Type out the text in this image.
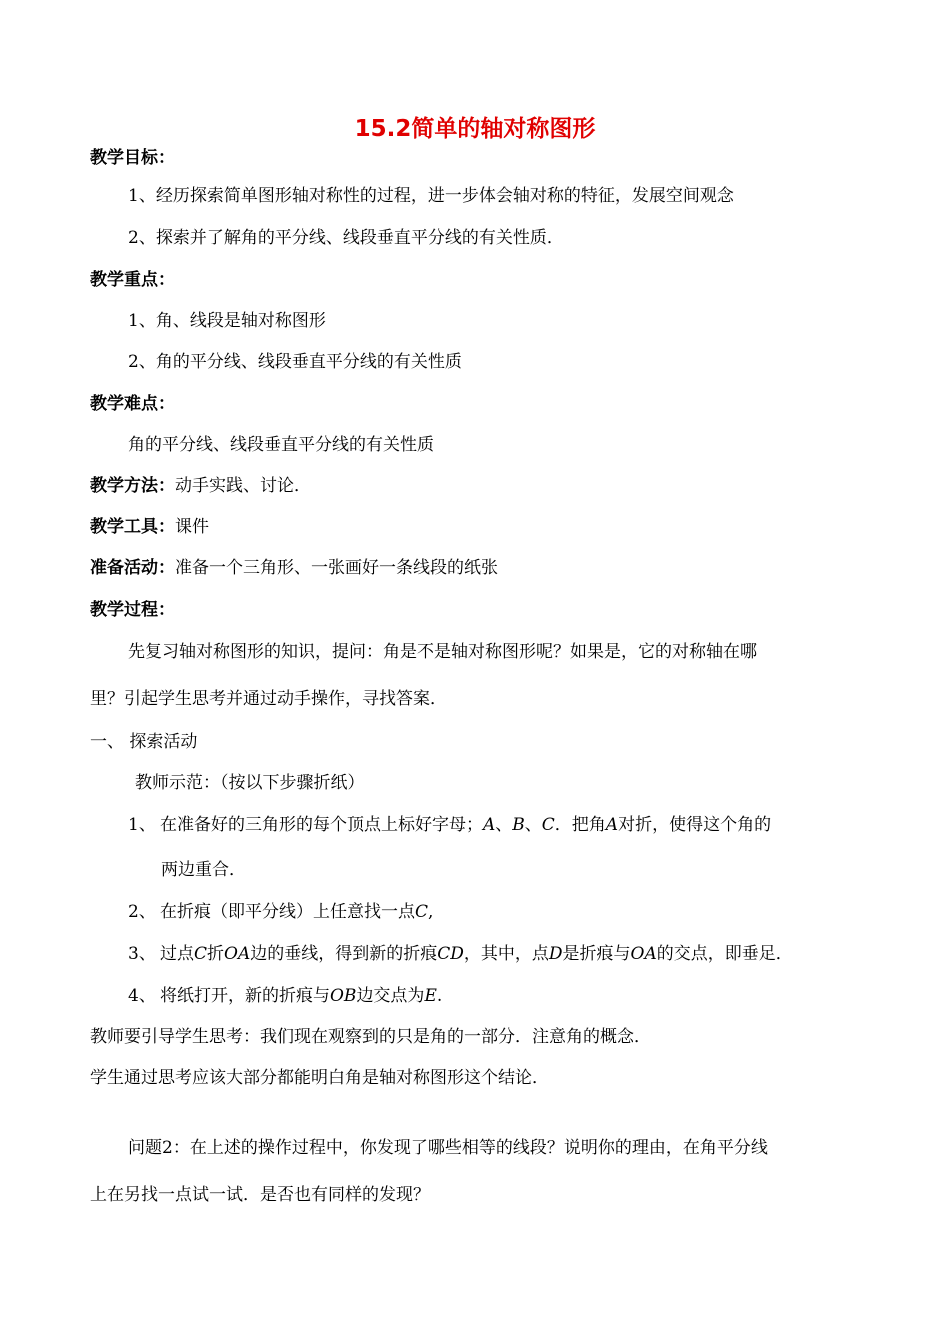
15.2简单的轴对称图形
教学目标：
1、经历探索简单图形轴对称性的过程，进一步体会轴对称的特征，发展空间观念
2、探索并了解角的平分线、线段垂直平分线的有关性质．
教学重点：
1、角、线段是轴对称图形
2、角的平分线、线段垂直平分线的有关性质
教学难点：
角的平分线、线段垂直平分线的有关性质
教学方法：动手实践、讨论．
教学工具：课件
准备活动：准备一个三角形、一张画好一条线段的纸张
教学过程：
先复习轴对称图形的知识，提问：角是不是轴对称图形呢？如果是，它的对称轴在哪
里？引起学生思考并通过动手操作，寻找答案．
一、 探索活动
教师示范：（按以下步骤折纸）
1、 在准备好的三角形的每个顶点上标好字母；A、B、C．把角A对折，使得这个角的
两边重合．
2、 在折痕（即平分线）上任意找一点C,
3、 过点C折OA边的垂线，得到新的折痕CD，其中，点D是折痕与OA的交点，即垂足．
4、 将纸打开，新的折痕与OB边交点为E.
教师要引导学生思考：我们现在观察到的只是角的一部分．注意角的概念．
学生通过思考应该大部分都能明白角是轴对称图形这个结论．
问题2：在上述的操作过程中，你发现了哪些相等的线段？说明你的理由，在角平分线
上在另找一点试一试．是否也有同样的发现？
